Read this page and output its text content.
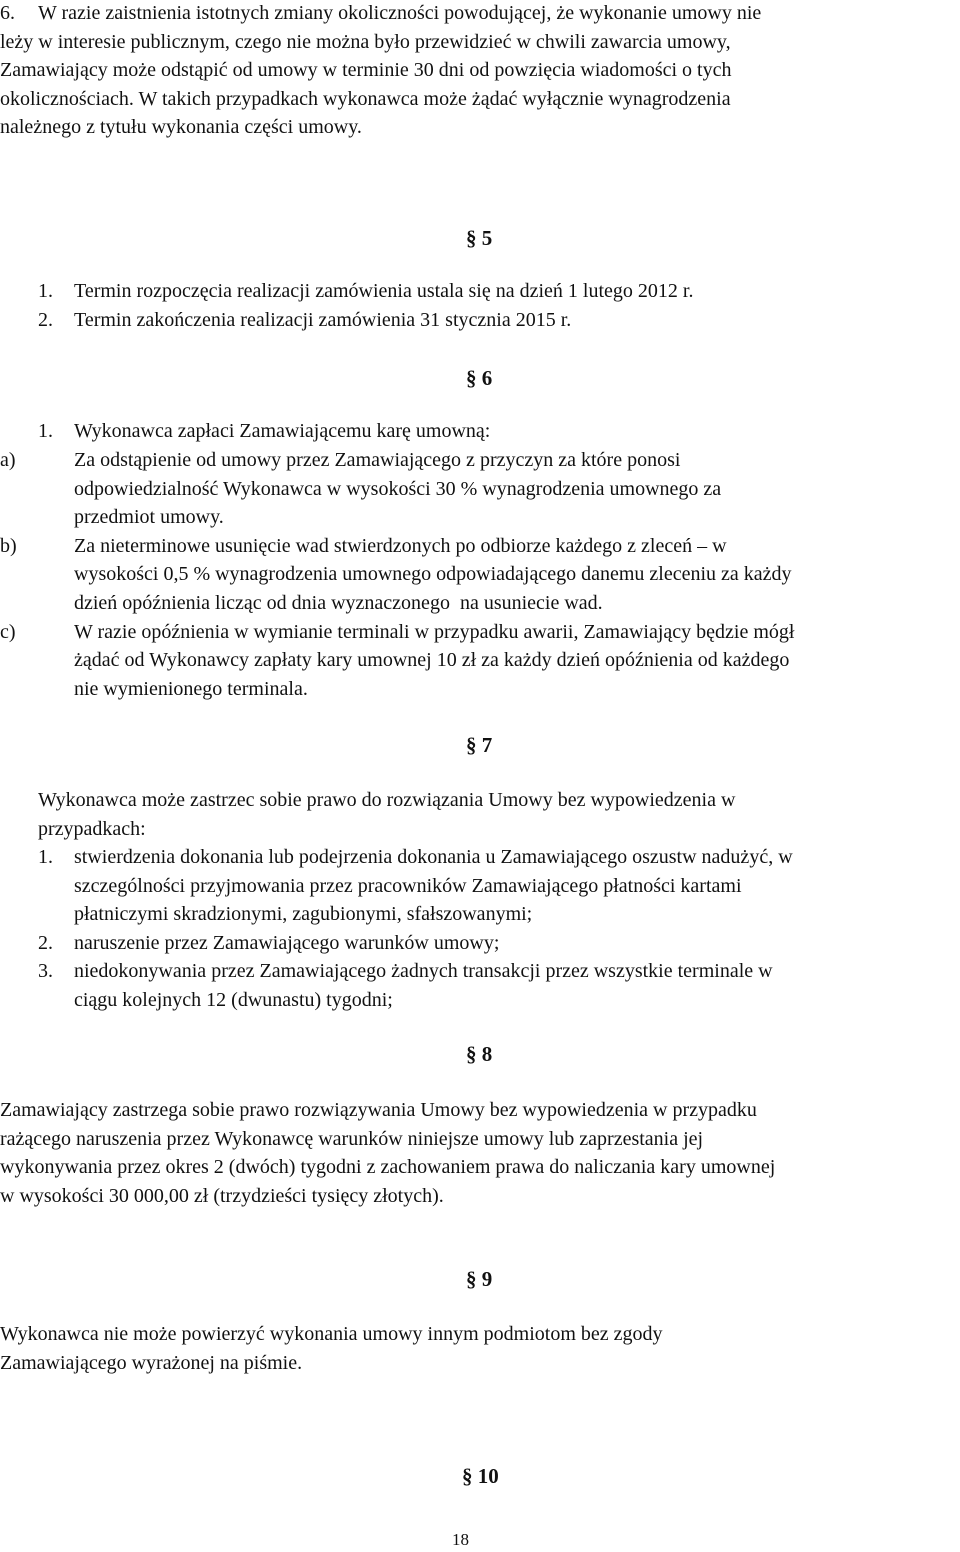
6.	W razie zaistnienia istotnych zmiany okoliczności powodującej, że wykonanie umowy nie
leży w interesie publicznym, czego nie można było przewidzieć w chwili zawarcia umowy,
Zamawiający może odstąpić od umowy w terminie 30 dni od powzięcia wiadomości o tych
okolicznościach. W takich przypadkach wykonawca może żądać wyłącznie wynagrodzenia
należnego z tytułu wykonania części umowy.
§ 5
1.	Termin rozpoczęcia realizacji zamówienia ustala się na dzień 1 lutego 2012 r.
2.	Termin zakończenia realizacji zamówienia 31 stycznia 2015 r.
§ 6
1.	Wykonawca zapłaci Zamawiającemu karę umowną:
a)	Za odstąpienie od umowy przez Zamawiającego z przyczyn za które ponosi
odpowiedzialność Wykonawca w wysokości 30 % wynagrodzenia umownego za
przedmiot umowy.
b)	Za nieterminowe usunięcie wad stwierdzonych po odbiorze każdego z zleceń – w
wysokości 0,5 % wynagrodzenia umownego odpowiadającego danemu zleceniu za każdy
dzień opóźnienia licząc od dnia wyznaczonego  na usuniecie wad.
c)	W razie opóźnienia w wymianie terminali w przypadku awarii, Zamawiający będzie mógł
żądać od Wykonawcy zapłaty kary umownej 10 zł za każdy dzień opóźnienia od każdego
nie wymienionego terminala.
§ 7
Wykonawca może zastrzec sobie prawo do rozwiązania Umowy bez wypowiedzenia w
przypadkach:
1.	stwierdzenia dokonania lub podejrzenia dokonania u Zamawiającego oszustw nadużyć, w
szczególności przyjmowania przez pracowników Zamawiającego płatności kartami
płatniczymi skradzionymi, zagubionymi, sfałszowanymi;
2.	naruszenie przez Zamawiającego warunków umowy;
3.	niedokonywania przez Zamawiającego żadnych transakcji przez wszystkie terminale w
ciągu kolejnych 12 (dwunastu) tygodni;
§ 8
Zamawiający zastrzega sobie prawo rozwiązywania Umowy bez wypowiedzenia w przypadku
rażącego naruszenia przez Wykonawcę warunków niniejsze umowy lub zaprzestania jej
wykonywania przez okres 2 (dwóch) tygodni z zachowaniem prawa do naliczania kary umownej
w wysokości 30 000,00 zł (trzydzieści tysięcy złotych).
§ 9
Wykonawca nie może powierzyć wykonania umowy innym podmiotom bez zgody
Zamawiającego wyrażonej na piśmie.
§ 10
18
